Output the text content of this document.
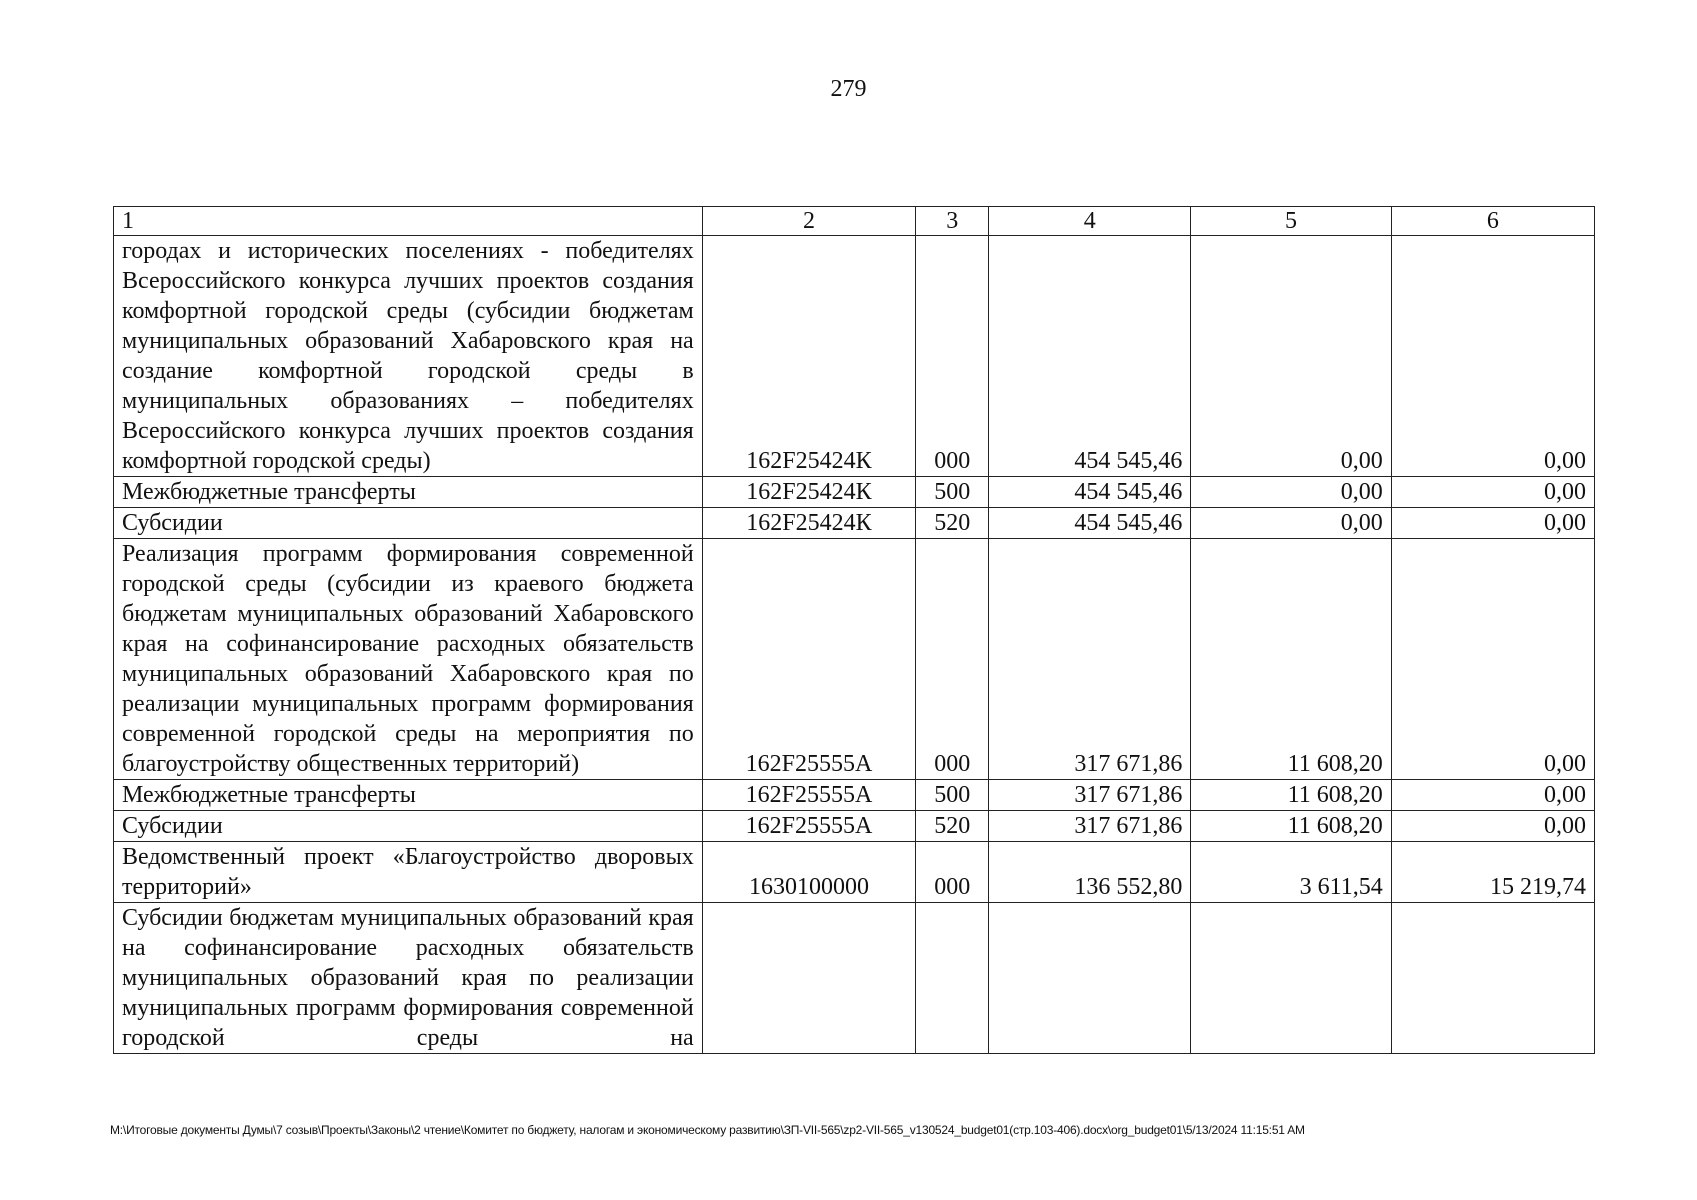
279
1	2	3	4	5	6
городах и исторических поселениях - победителях Всероссийского конкурса лучших проектов создания комфортной городской среды (субсидии бюджетам муниципальных образований Хабаровского края на создание комфортной городской среды в муниципальных образованиях – победителях Всероссийского конкурса лучших проектов создания комфортной городской среды)	162F25424К	000	454 545,46	0,00	0,00
Межбюджетные трансферты	162F25424К	500	454 545,46	0,00	0,00
Субсидии	162F25424К	520	454 545,46	0,00	0,00
Реализация программ формирования современной городской среды (субсидии из краевого бюджета бюджетам муниципальных образований Хабаровского края на софинансирование расходных обязательств муниципальных образований Хабаровского края по реализации муниципальных программ формирования современной городской среды на мероприятия по благоустройству общественных территорий)	162F25555А	000	317 671,86	11 608,20	0,00
Межбюджетные трансферты	162F25555А	500	317 671,86	11 608,20	0,00
Субсидии	162F25555А	520	317 671,86	11 608,20	0,00
Ведомственный проект «Благоустройство дворовых территорий»	1630100000	000	136 552,80	3 611,54	15 219,74
Субсидии бюджетам муниципальных образований края на софинансирование расходных обязательств муниципальных образований края по реализации муниципальных программ формирования современной городской среды на					
M:\Итоговые документы Думы\7 созыв\Проекты\Законы\2 чтение\Комитет по бюджету, налогам и экономическому развитию\ЗП-VII-565\zp2-VII-565_v130524_budget01(стр.103-406).docx\org_budget01\5/13/2024 11:15:51 AM
